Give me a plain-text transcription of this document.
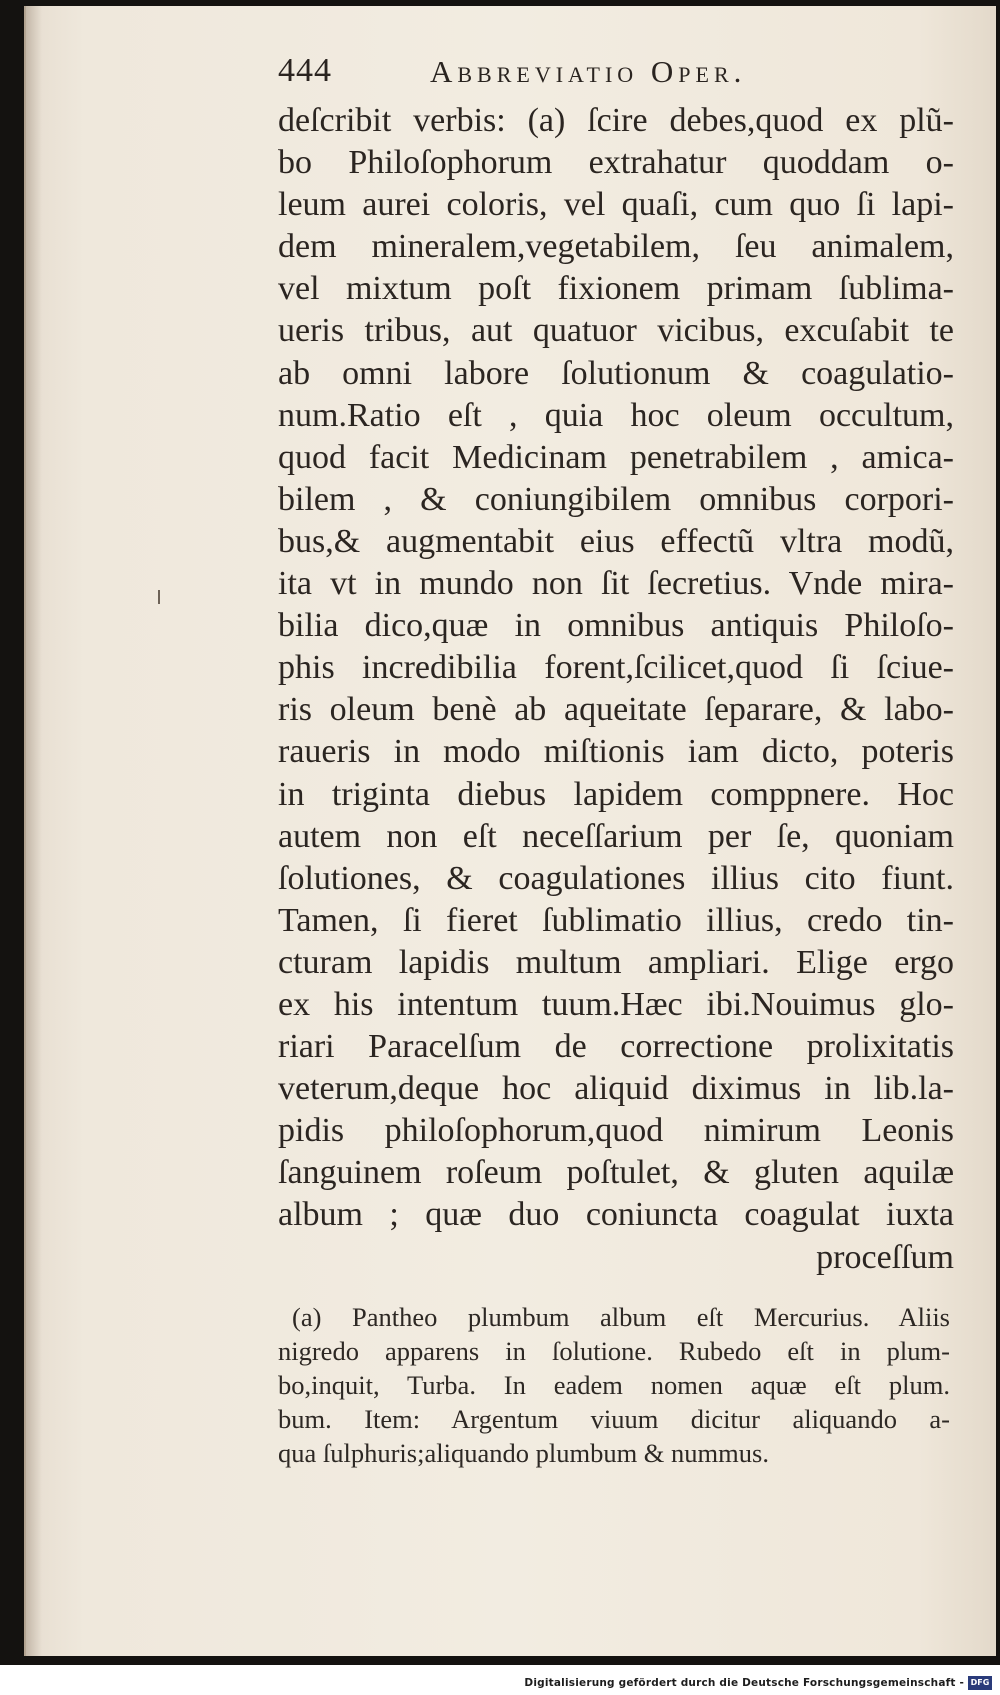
444	Abbreviatio Oper.
deſcribit verbis: (a) ſcire debes,quod ex plũ-
bo Philoſophorum extrahatur quoddam o-
leum aurei coloris, vel quaſi, cum quo ſi lapi-
dem mineralem,vegetabilem, ſeu animalem,
vel mixtum poſt fixionem primam ſublima-
ueris tribus, aut quatuor vicibus, excuſabit te
ab omni labore ſolutionum & coagulatio-
num.Ratio eſt , quia hoc oleum occultum,
quod facit Medicinam penetrabilem , amica-
bilem , & coniungibilem omnibus corpori-
bus,& augmentabit eius effectũ vltra modũ,
ita vt in mundo non ſit ſecretius. Vnde mira-
bilia dico,quæ in omnibus antiquis Philoſo-
phis incredibilia forent,ſcilicet,quod ſi ſciue-
ris oleum benè ab aqueitate ſeparare, & labo-
raueris in modo miſtionis iam dicto, poteris
in triginta diebus lapidem comppnere. Hoc
autem non eſt neceſſarium per ſe, quoniam
ſolutiones, & coagulationes illius cito fiunt.
Tamen, ſi fieret ſublimatio illius, credo tin-
cturam lapidis multum ampliari. Elige ergo
ex his intentum tuum.Hæc ibi.Nouimus glo-
riari Paracelſum de correctione prolixitatis
veterum,deque hoc aliquid diximus in lib.la-
pidis philoſophorum,quod nimirum Leonis
ſanguinem roſeum poſtulet, & gluten aquilæ
album ; quæ duo coniuncta coagulat iuxta
proceſſum
(a) Pantheo plumbum album eſt Mercurius. Aliis
nigredo apparens in ſolutione. Rubedo eſt in plum-
bo,inquit, Turba. In eadem nomen aquæ eſt plum.
bum. Item: Argentum viuum dicitur aliquando a-
qua ſulphuris;aliquando plumbum & nummus.
Digitalisierung gefördert durch die Deutsche Forschungsgemeinschaft - DFG
